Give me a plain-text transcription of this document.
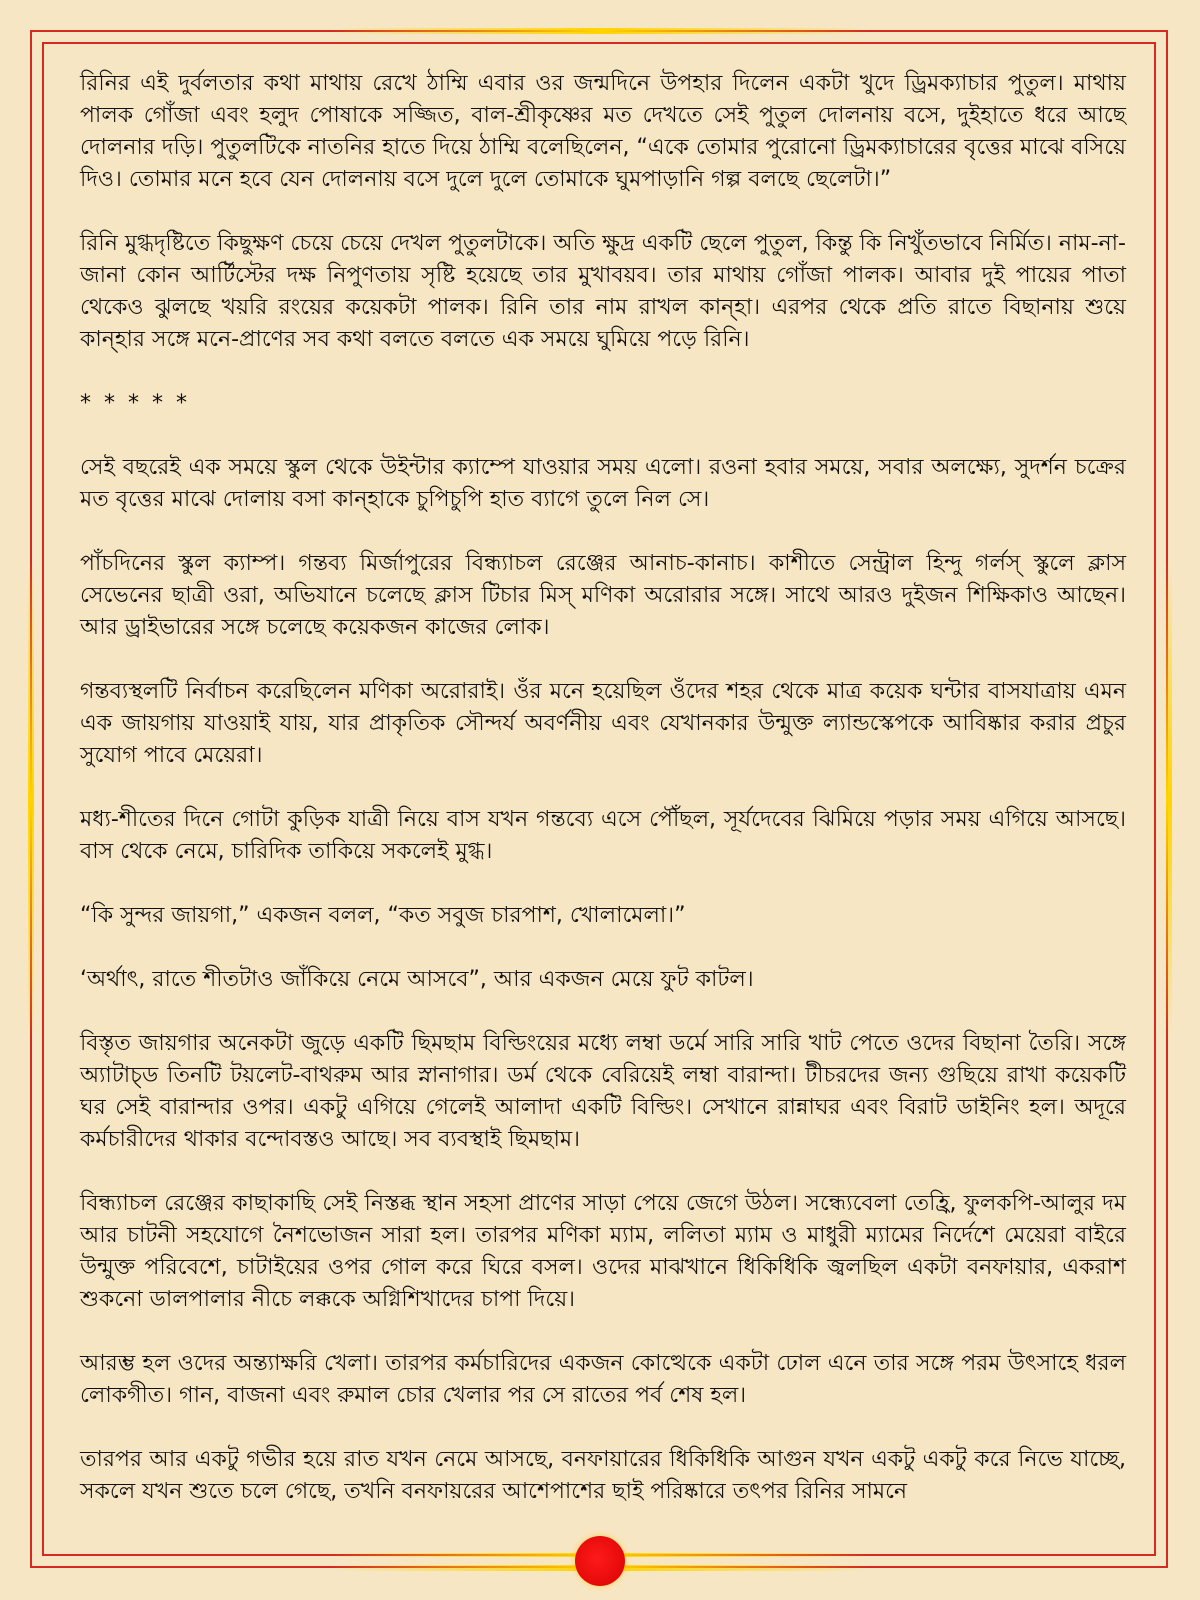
রিনির এই দুর্বলতার কথা মাথায় রেখে ঠাম্মি এবার ওর জন্মদিনে উপহার দিলেন একটা খুদে ড্রিমক্যাচার পুতুল। মাথায় পালক গোঁজা এবং হলুদ পোষাকে সজ্জিত, বাল-শ্রীকৃষ্ণের মত দেখতে সেই পুতুল দোলনায় বসে, দুইহাতে ধরে আছে দোলনার দড়ি। পুতুলটিকে নাতনির হাতে দিয়ে ঠাম্মি বলেছিলেন, “একে তোমার পুরোনো ড্রিমক্যাচারের বৃত্তের মাঝে বসিয়ে দিও। তোমার মনে হবে যেন দোলনায় বসে দুলে দুলে তোমাকে ঘুমপাড়ানি গল্প বলছে ছেলেটা।”

রিনি মুগ্ধদৃষ্টিতে কিছুক্ষণ চেয়ে চেয়ে দেখল পুতুলটাকে। অতি ক্ষুদ্র একটি ছেলে পুতুল, কিন্তু কি নিখুঁতভাবে নির্মিত। নাম-না-জানা কোন আর্টিস্টের দক্ষ নিপুণতায় সৃষ্টি হয়েছে তার মুখাবয়ব। তার মাথায় গোঁজা পালক। আবার দুই পায়ের পাতা থেকেও ঝুলছে খয়রি রংয়ের কয়েকটা পালক। রিনি তার নাম রাখল কান্‌হা। এরপর থেকে প্রতি রাতে বিছানায় শুয়ে কান্‌হার সঙ্গে মনে-প্রাণের সব কথা বলতে বলতে এক সময়ে ঘুমিয়ে পড়ে রিনি।

* * * * *

সেই বছরেই এক সময়ে স্কুল থেকে উইন্টার ক্যাম্পে যাওয়ার সময় এলো। রওনা হবার সময়ে, সবার অলক্ষ্যে, সুদর্শন চক্রের মত বৃত্তের মাঝে দোলায় বসা কান্‌হাকে চুপিচুপি হাত ব্যাগে তুলে নিল সে।

পাঁচদিনের স্কুল ক্যাম্প। গন্তব্য মির্জাপুরের বিন্ধ্যাচল রেঞ্জের আনাচ-কানাচ। কাশীতে সেন্ট্রাল হিন্দু গর্লস্ স্কুলে ক্লাস সেভেনের ছাত্রী ওরা, অভিযানে চলেছে ক্লাস টিচার মিস্ মণিকা অরোরার সঙ্গে। সাথে আরও দুইজন শিক্ষিকাও আছেন। আর ড্রাইভারের সঙ্গে চলেছে কয়েকজন কাজের লোক।

গন্তব্যস্থলটি নির্বাচন করেছিলেন মণিকা অরোরাই। ওঁর মনে হয়েছিল ওঁদের শহর থেকে মাত্র কয়েক ঘন্টার বাসযাত্রায় এমন এক জায়গায় যাওয়াই যায়, যার প্রাকৃতিক সৌন্দর্য অবর্ণনীয় এবং যেখানকার উন্মুক্ত ল্যান্ডস্কেপকে আবিষ্কার করার প্রচুর সুযোগ পাবে মেয়েরা।

মধ্য-শীতের দিনে গোটা কুড়িক যাত্রী নিয়ে বাস যখন গন্তব্যে এসে পৌঁছল, সূর্যদেবের ঝিমিয়ে পড়ার সময় এগিয়ে আসছে। বাস থেকে নেমে, চারিদিক তাকিয়ে সকলেই মুগ্ধ।

“কি সুন্দর জায়গা,” একজন বলল, “কত সবুজ চারপাশ, খোলামেলা।”

‘অর্থাৎ, রাতে শীতটাও জাঁকিয়ে নেমে আসবে”, আর একজন মেয়ে ফুট কাটল।

বিস্তৃত জায়গার অনেকটা জুড়ে একটি ছিমছাম বিল্ডিংয়ের মধ্যে লম্বা ডর্মে সারি সারি খাট পেতে ওদের বিছানা তৈরি। সঙ্গে অ্যাটাচ্‌ড তিনটি টয়লেট-বাথরুম আর স্নানাগার। ডর্ম থেকে বেরিয়েই লম্বা বারান্দা। টীচরদের জন্য গুছিয়ে রাখা কয়েকটি ঘর সেই বারান্দার ওপর। একটু এগিয়ে গেলেই আলাদা একটি বিল্ডিং। সেখানে রান্নাঘর এবং বিরাট ডাইনিং হল। অদূরে কর্মচারীদের থাকার বন্দোবস্তও আছে। সব ব্যবস্থাই ছিমছাম।

বিন্ধ্যাচল রেঞ্জের কাছাকাছি সেই নিস্তব্ধ স্থান সহসা প্রাণের সাড়া পেয়ে জেগে উঠল। সন্ধ্যেবেলা তেহ্রি, ফুলকপি-আলুর দম আর চাটনী সহযোগে নৈশভোজন সারা হল। তারপর মণিকা ম্যাম, ললিতা ম্যাম ও মাধুরী ম্যামের নির্দেশে মেয়েরা বাইরে উন্মুক্ত পরিবেশে, চাটাইয়ের ওপর গোল করে ঘিরে বসল। ওদের মাঝখানে ধিকিধিকি জ্বলছিল একটা বনফায়ার, একরাশ শুকনো ডালপালার নীচে লক্ককে অগ্নিশিখাদের চাপা দিয়ে।

আরম্ভ হল ওদের অন্ত্যাক্ষরি খেলা। তারপর কর্মচারিদের একজন কোত্থেকে একটা ঢোল এনে তার সঙ্গে পরম উৎসাহে ধরল লোকগীত। গান, বাজনা এবং রুমাল চোর খেলার পর সে রাতের পর্ব শেষ হল।

তারপর আর একটু গভীর হয়ে রাত যখন নেমে আসছে, বনফায়ারের ধিকিধিকি আগুন যখন একটু একটু করে নিভে যাচ্ছে, সকলে যখন শুতে চলে গেছে, তখনি বনফায়রের আশেপাশের ছাই পরিষ্কারে তৎপর রিনির সামনে
